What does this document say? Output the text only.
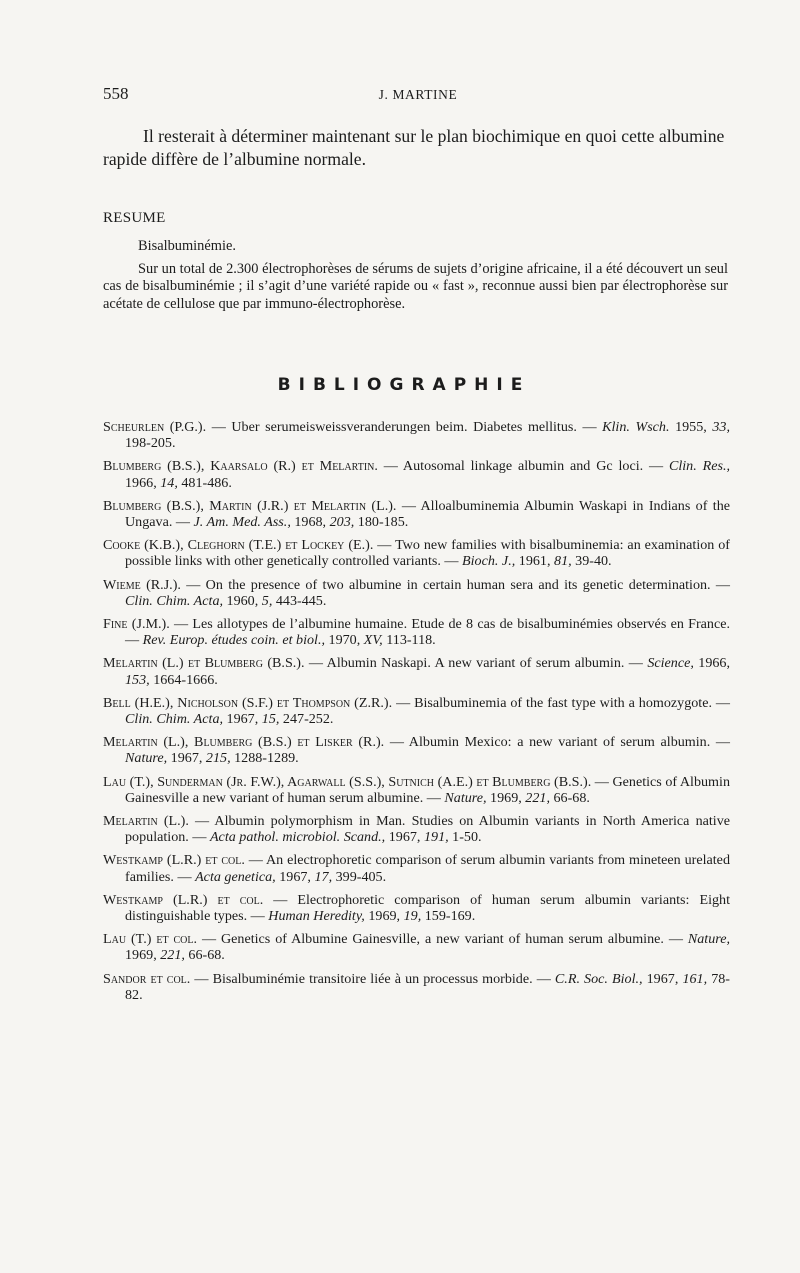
558	J. MARTINE

Il resterait à déterminer maintenant sur le plan biochimique en quoi cette albumine rapide diffère de l’albumine normale.

RESUME

Bisalbuminémie.

Sur un total de 2.300 électrophorèses de sérums de sujets d’origine africaine, il a été découvert un seul cas de bisalbuminémie ; il s’agit d’une variété rapide ou « fast », reconnue aussi bien par électrophorèse sur acétate de cellulose que par immuno-électrophorèse.

BIBLIOGRAPHIE
Scheurlen (P.G.). — Uber serumeisweissveranderungen beim. Diabetes mellitus. — Klin. Wsch. 1955, 33, 198-205.
Blumberg (B.S.), Kaarsalo (R.) et Melartin. — Autosomal linkage albumin and Gc loci. — Clin. Res., 1966, 14, 481-486.
Blumberg (B.S.), Martin (J.R.) et Melartin (L.). — Alloalbuminemia Albumin Waskapi in Indians of the Ungava. — J. Am. Med. Ass., 1968, 203, 180-185.
Cooke (K.B.), Cleghorn (T.E.) et Lockey (E.). — Two new families with bisalbuminemia: an examination of possible links with other genetically controlled variants. — Bioch. J., 1961, 81, 39-40.
Wieme (R.J.). — On the presence of two albumine in certain human sera and its genetic determination. — Clin. Chim. Acta, 1960, 5, 443-445.
Fine (J.M.). — Les allotypes de l’albumine humaine. Etude de 8 cas de bisalbuminémies observés en France. — Rev. Europ. études coin. et biol., 1970, XV, 113-118.
Melartin (L.) et Blumberg (B.S.). — Albumin Naskapi. A new variant of serum albumin. — Science, 1966, 153, 1664-1666.
Bell (H.E.), Nicholson (S.F.) et Thompson (Z.R.). — Bisalbuminemia of the fast type with a homozygote. — Clin. Chim. Acta, 1967, 15, 247-252.
Melartin (L.), Blumberg (B.S.) et Lisker (R.). — Albumin Mexico: a new variant of serum albumin. — Nature, 1967, 215, 1288-1289.
Lau (T.), Sunderman (Jr. F.W.), Agarwall (S.S.), Sutnich (A.E.) et Blumberg (B.S.). — Genetics of Albumin Gainesville a new variant of human serum albumine. — Nature, 1969, 221, 66-68.
Melartin (L.). — Albumin polymorphism in Man. Studies on Albumin variants in North America native population. — Acta pathol. microbiol. Scand., 1967, 191, 1-50.
Westkamp (L.R.) et col. — An electrophoretic comparison of serum albumin variants from mineteen urelated families. — Acta genetica, 1967, 17, 399-405.
Westkamp (L.R.) et col. — Electrophoretic comparison of human serum albumin variants: Eight distinguishable types. — Human Heredity, 1969, 19, 159-169.
Lau (T.) et col. — Genetics of Albumine Gainesville, a new variant of human serum albumine. — Nature, 1969, 221, 66-68.
Sandor et col. — Bisalbuminémie transitoire liée à un processus morbide. — C.R. Soc. Biol., 1967, 161, 78-82.
